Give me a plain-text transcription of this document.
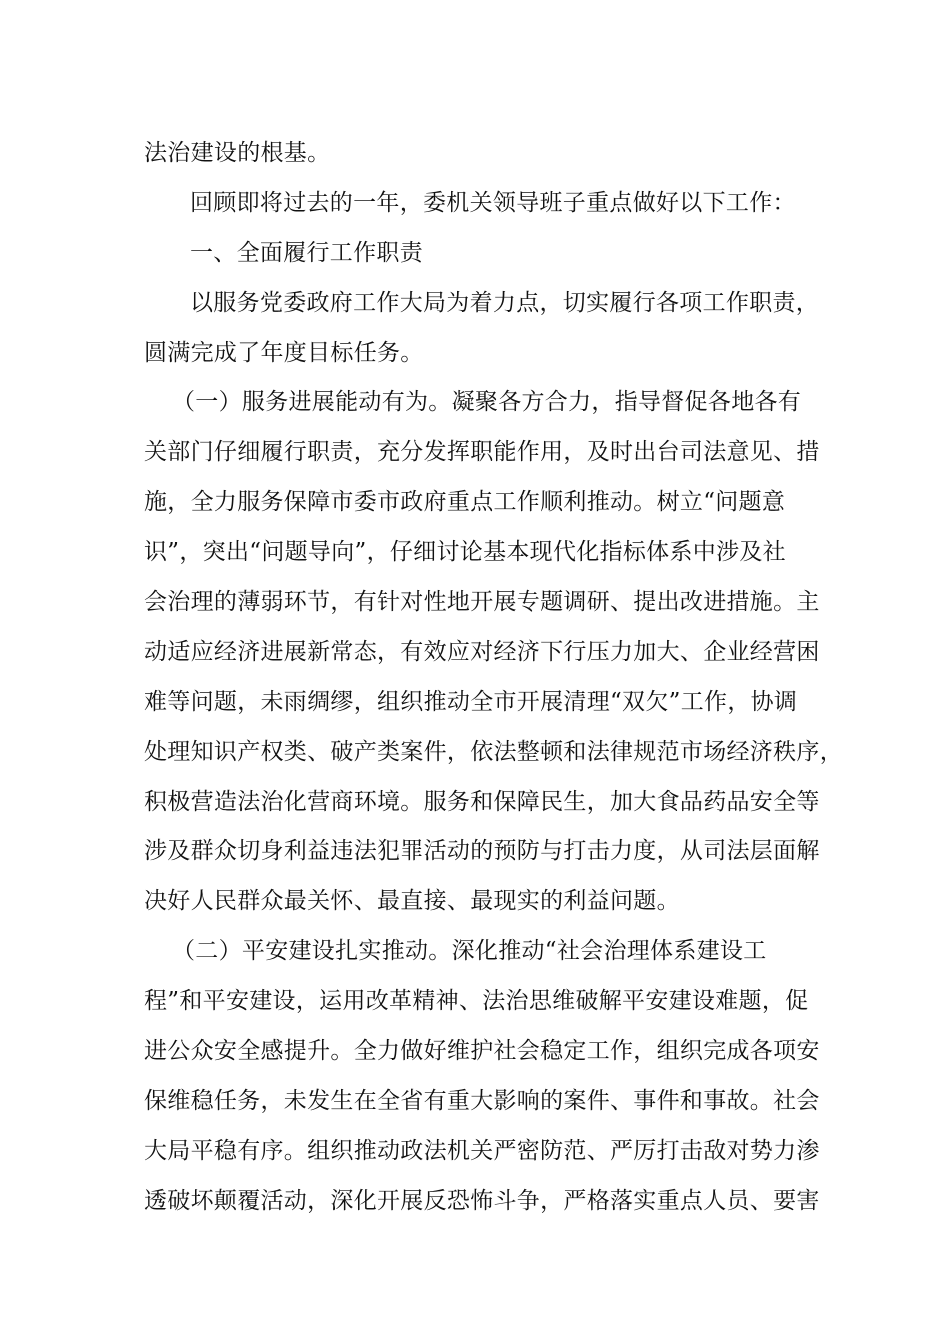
法治建设的根基。
回顾即将过去的一年，委机关领导班子重点做好以下工作：
一、全面履行工作职责
以服务党委政府工作大局为着力点，切实履行各项工作职责，
圆满完成了年度目标任务。
（一）服务进展能动有为。凝聚各方合力，指导督促各地各有
关部门仔细履行职责，充分发挥职能作用，及时出台司法意见、措
施，全力服务保障市委市政府重点工作顺利推动。树立“问题意
识”，突出“问题导向”，仔细讨论基本现代化指标体系中涉及社
会治理的薄弱环节，有针对性地开展专题调研、提出改进措施。主
动适应经济进展新常态，有效应对经济下行压力加大、企业经营困
难等问题，未雨绸缪，组织推动全市开展清理“双欠”工作，协调
处理知识产权类、破产类案件，依法整顿和法律规范市场经济秩序，
积极营造法治化营商环境。服务和保障民生，加大食品药品安全等
涉及群众切身利益违法犯罪活动的预防与打击力度，从司法层面解
决好人民群众最关怀、最直接、最现实的利益问题。
（二）平安建设扎实推动。深化推动“社会治理体系建设工
程”和平安建设，运用改革精神、法治思维破解平安建设难题，促
进公众安全感提升。全力做好维护社会稳定工作，组织完成各项安
保维稳任务，未发生在全省有重大影响的案件、事件和事故。社会
大局平稳有序。组织推动政法机关严密防范、严厉打击敌对势力渗
透破坏颠覆活动，深化开展反恐怖斗争，严格落实重点人员、要害
